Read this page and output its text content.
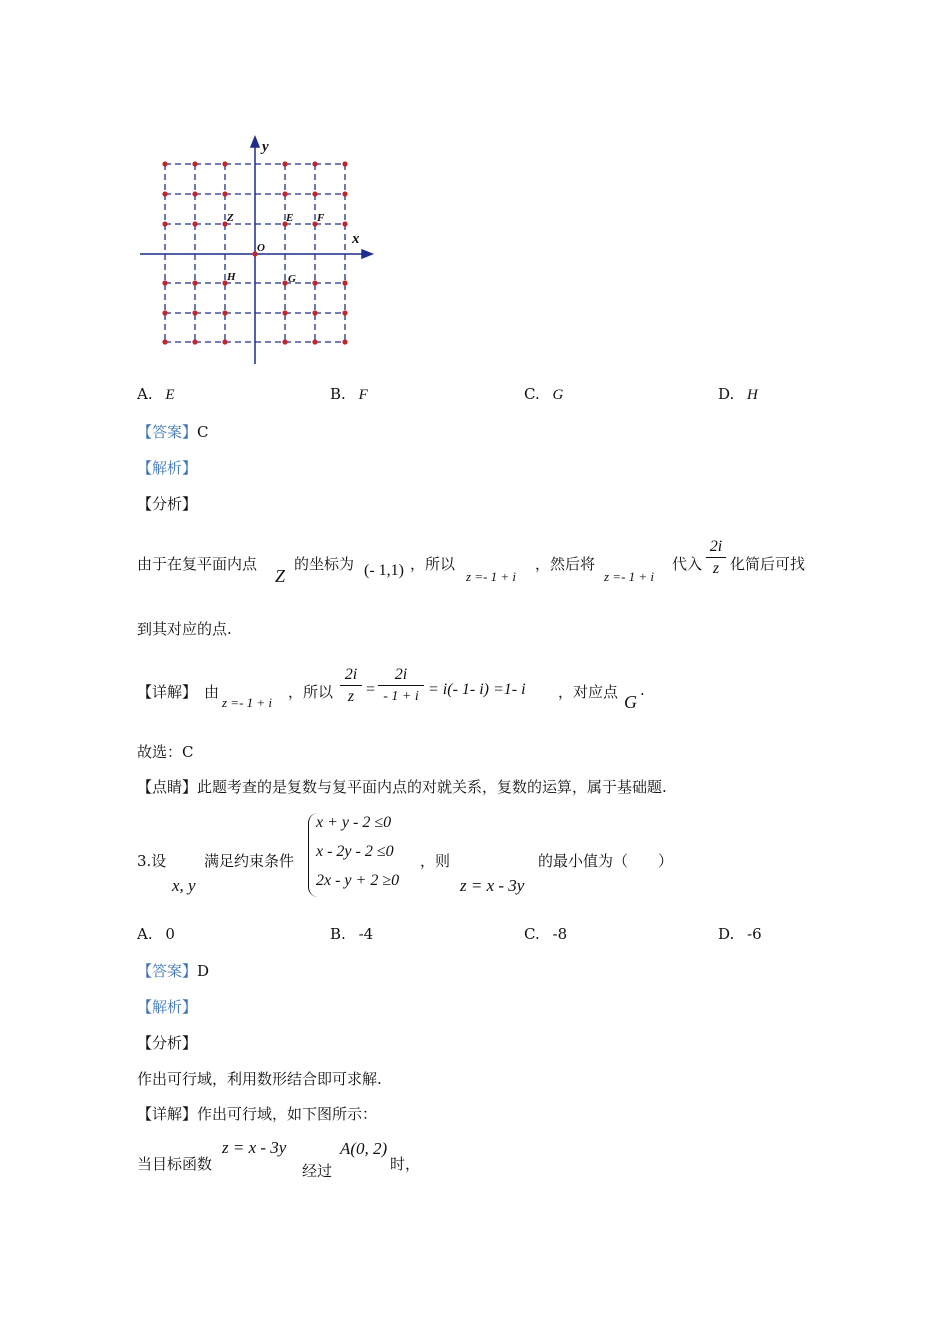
y
x
O
Z	E F
H	G
A. E	B. F	C. G	D. H
【答案】C
【解析】
【分析】
由于在复平面内点
Z
的坐标为 (- 1,1) ，所以
z =- 1 + i
，然后将
z =- 1 + i
代入
2i
z 化简后可找
到其对应的点.
【详解】 由
z =- 1 + i
，所以
2i
z =
2i
- 1 + i = i(- 1- i) =1- i ，对应点 G
.
故选：C
【点睛】此题考查的是复数与复平面内点的对就关系，复数的运算，属于基础题.
3.设
x, y
满足约束条件
x + y - 2 ≤0
x - 2y - 2 ≤0
2x - y + 2 ≥0
，则
z = x - 3y
的最小值为（　　）
A. 0	B. -4	C. -8	D. -6
【答案】D
【解析】
【分析】
作出可行域，利用数形结合即可求解.
【详解】作出可行域，如下图所示：
当目标函数
z = x - 3y
经过
A(0, 2)
时，
